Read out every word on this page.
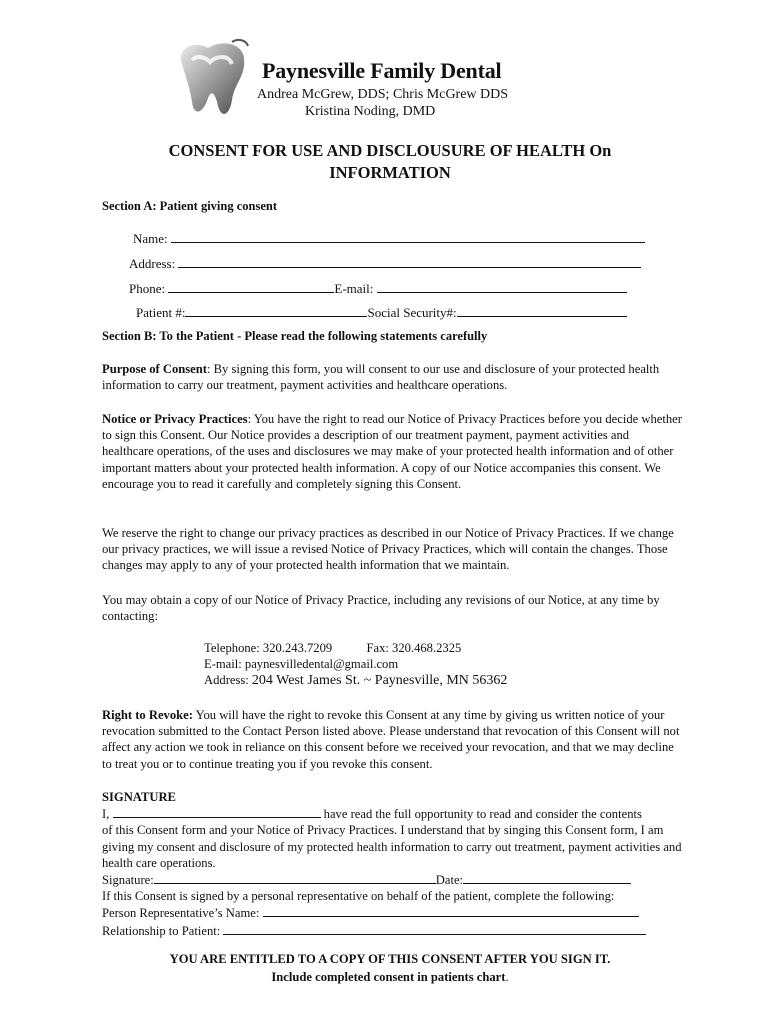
Paynesville Family Dental
Andrea McGrew, DDS; Chris McGrew DDS
Kristina Noding, DMD
CONSENT FOR USE AND DISCLOUSURE OF HEALTH On
INFORMATION
Section A: Patient giving consent
Name:
Address:
Phone:	E-mail:
Patient #:	Social Security#:
Section B: To the Patient - Please read the following statements carefully
Purpose of Consent: By signing this form, you will consent to our use and disclosure of your protected health information to carry our treatment, payment activities and healthcare operations.
Notice or Privacy Practices: You have the right to read our Notice of Privacy Practices before you decide whether to sign this Consent. Our Notice provides a description of our treatment payment, payment activities and healthcare operations, of the uses and disclosures we may make of your protected health information and of other important matters about your protected health information. A copy of our Notice accompanies this consent. We encourage you to read it carefully and completely signing this Consent.
We reserve the right to change our privacy practices as described in our Notice of Privacy Practices. If we change our privacy practices, we will issue a revised Notice of Privacy Practices, which will contain the changes. Those changes may apply to any of your protected health information that we maintain.
You may obtain a copy of our Notice of Privacy Practice, including any revisions of our Notice, at any time by contacting:
Telephone: 320.243.7209	Fax: 320.468.2325
E-mail: paynesvilledental@gmail.com
Address: 204 West James St. ~ Paynesville, MN 56362
Right to Revoke: You will have the right to revoke this Consent at any time by giving us written notice of your revocation submitted to the Contact Person listed above. Please understand that revocation of this Consent will not affect any action we took in reliance on this consent before we received your revocation, and that we may decline to treat you or to continue treating you if you revoke this consent.
SIGNATURE
I,	have read the full opportunity to read and consider the contents
of this Consent form and your Notice of Privacy Practices. I understand that by singing this Consent form, I am giving my consent and disclosure of my protected health information to carry out treatment, payment activities and health care operations.
Signature:	Date:
If this Consent is signed by a personal representative on behalf of the patient, complete the following:
Person Representative’s Name:
Relationship to Patient:
YOU ARE ENTITLED TO A COPY OF THIS CONSENT AFTER YOU SIGN IT.
Include completed consent in patients chart.
